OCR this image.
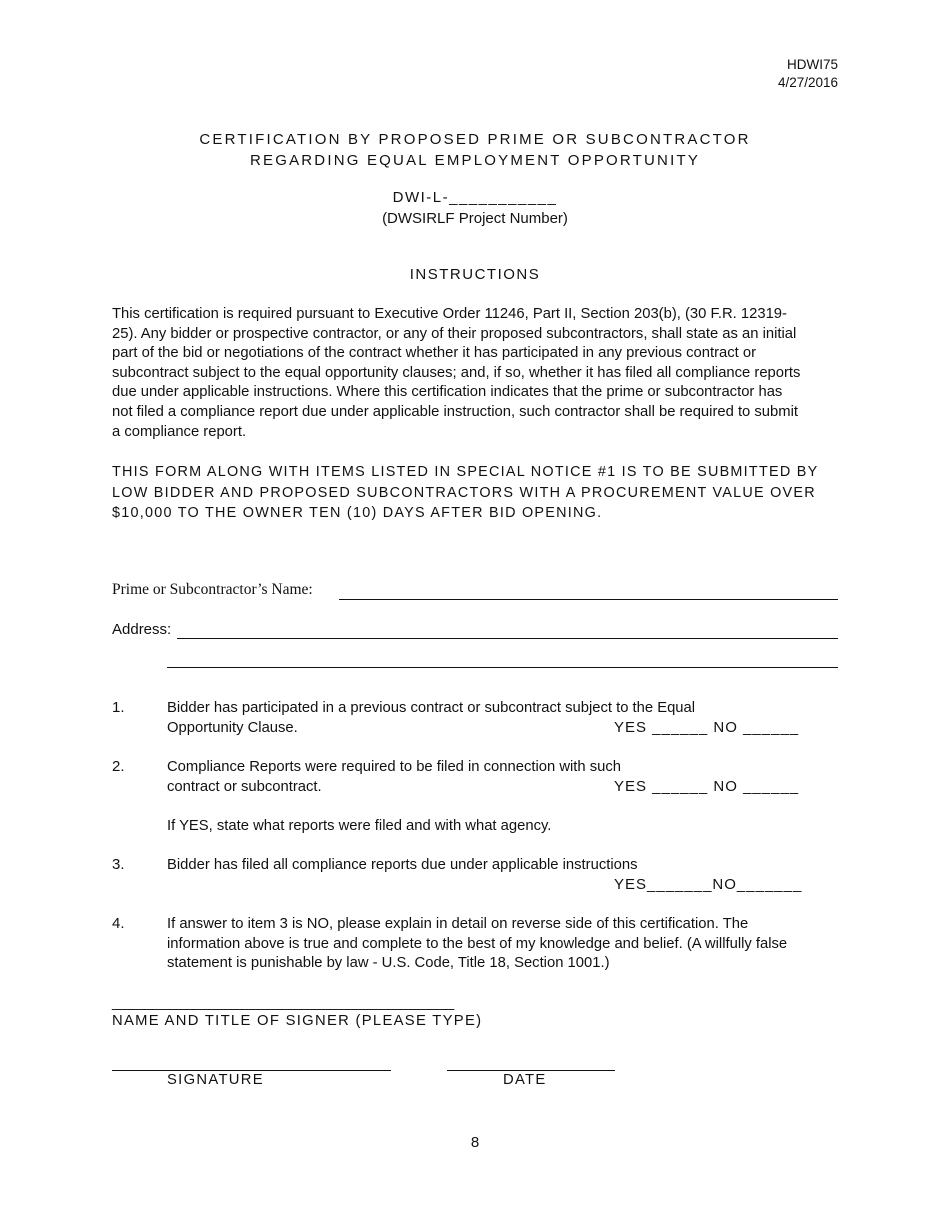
HDWI75
4/27/2016
CERTIFICATION BY PROPOSED PRIME OR SUBCONTRACTOR
REGARDING EQUAL EMPLOYMENT OPPORTUNITY
DWI-L-___________
(DWSIRLF Project Number)
INSTRUCTIONS
This certification is required pursuant to Executive Order 11246, Part II, Section 203(b), (30 F.R. 12319-
25). Any bidder or prospective contractor, or any of their proposed subcontractors, shall state as an initial
part of the bid or negotiations of the contract whether it has participated in any previous contract or
subcontract subject to the equal opportunity clauses; and, if so, whether it has filed all compliance reports
due under applicable instructions. Where this certification indicates that the prime or subcontractor has
not filed a compliance report due under applicable instruction, such contractor shall be required to submit
a compliance report.
THIS FORM ALONG WITH ITEMS LISTED IN SPECIAL NOTICE #1 IS TO BE SUBMITTED BY
LOW BIDDER AND PROPOSED SUBCONTRACTORS WITH A PROCUREMENT VALUE OVER
$10,000 TO THE OWNER TEN (10) DAYS AFTER BID OPENING.
Prime or Subcontractor’s Name:
Address:
1.	Bidder has participated in a previous contract or subcontract subject to the Equal
Opportunity Clause.	YES ______ NO ______
2.	Compliance Reports were required to be filed in connection with such
contract or subcontract.	YES ______ NO ______
If YES, state what reports were filed and with what agency.
3.	Bidder has filed all compliance reports due under applicable instructions
YES_______NO_______
4.	If answer to item 3 is NO, please explain in detail on reverse side of this certification. The
information above is true and complete to the best of my knowledge and belief. (A willfully false
statement is punishable by law - U.S. Code, Title 18, Section 1001.)
__________________________________________
NAME AND TITLE OF SIGNER (PLEASE TYPE)
SIGNATURE	DATE
8
